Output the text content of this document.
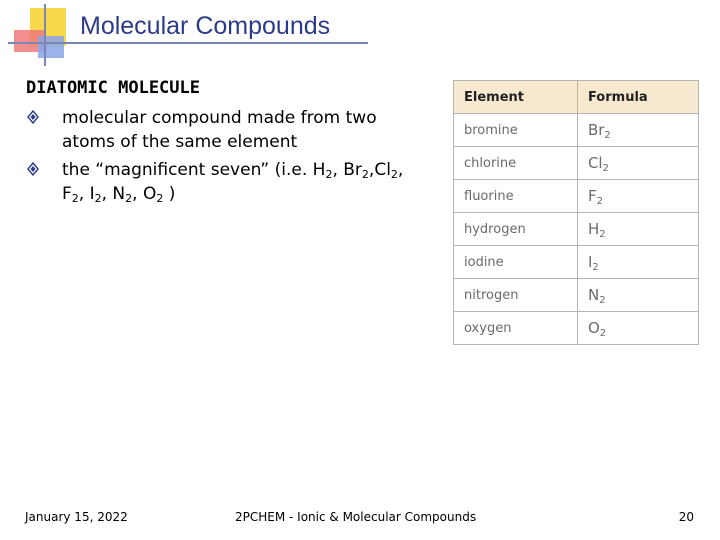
Molecular Compounds
DIATOMIC MOLECULE
molecular compound made from two
atoms of the same element
the “magnificent seven” (i.e. $H_2$, $Br_2,Cl_2$, $F_2$, $I_2$, $N_2$, $O_2$ )
Element	Formula
bromine	$Br_2$
chlorine	$Cl_2$
fluorine	$F_2$
hydrogen	$H_2$
iodine	$I_2$
nitrogen	$N_2$
oxygen	$O_2$
January 15, 2022	2PCHEM - Ionic & Molecular Compounds	20
